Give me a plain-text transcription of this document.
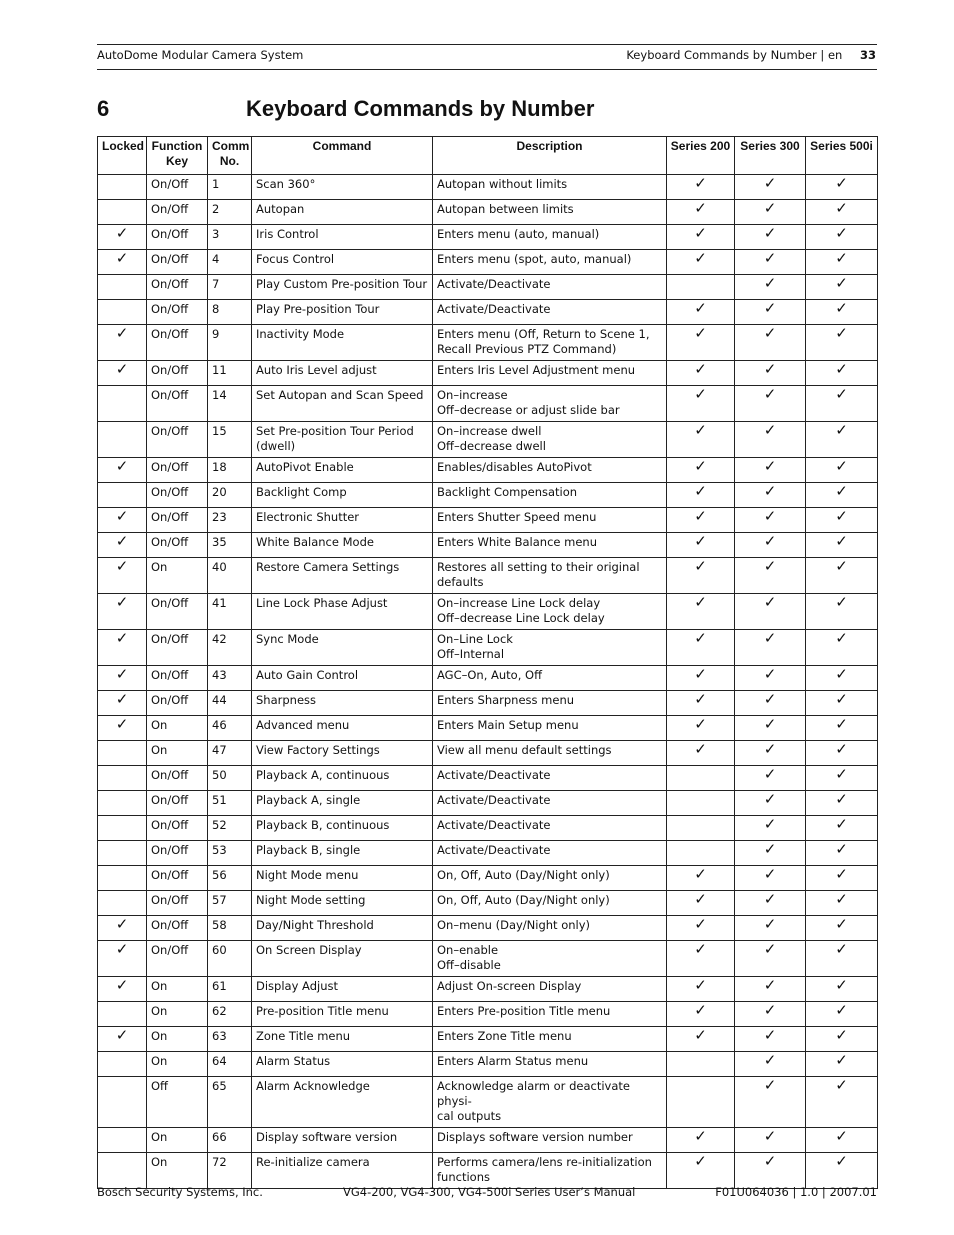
AutoDome Modular Camera System	Keyboard Commands by Number | en 33
6	Keyboard Commands by Number
Locked	Function Key	Comm No.	Command	Description	Series 200	Series 300	Series 500i
	On/Off	1	Scan 360°	Autopan without limits	✓	✓	✓
	On/Off	2	Autopan	Autopan between limits	✓	✓	✓
✓	On/Off	3	Iris Control	Enters menu (auto, manual)	✓	✓	✓
✓	On/Off	4	Focus Control	Enters menu (spot, auto, manual)	✓	✓	✓
	On/Off	7	Play Custom Pre-position Tour	Activate/Deactivate		✓	✓
	On/Off	8	Play Pre-position Tour	Activate/Deactivate	✓	✓	✓
✓	On/Off	9	Inactivity Mode	Enters menu (Off, Return to Scene 1,
Recall Previous PTZ Command)	✓	✓	✓
✓	On/Off	11	Auto Iris Level adjust	Enters Iris Level Adjustment menu	✓	✓	✓
	On/Off	14	Set Autopan and Scan Speed	On–increase
Off–decrease or adjust slide bar	✓	✓	✓
	On/Off	15	Set Pre-position Tour Period (dwell)	On–increase dwell
Off–decrease dwell	✓	✓	✓
✓	On/Off	18	AutoPivot Enable	Enables/disables AutoPivot	✓	✓	✓
	On/Off	20	Backlight Comp	Backlight Compensation	✓	✓	✓
✓	On/Off	23	Electronic Shutter	Enters Shutter Speed menu	✓	✓	✓
✓	On/Off	35	White Balance Mode	Enters White Balance menu	✓	✓	✓
✓	On	40	Restore Camera Settings	Restores all setting to their original
defaults	✓	✓	✓
✓	On/Off	41	Line Lock Phase Adjust	On–increase Line Lock delay
Off–decrease Line Lock delay	✓	✓	✓
✓	On/Off	42	Sync Mode	On–Line Lock
Off–Internal	✓	✓	✓
✓	On/Off	43	Auto Gain Control	AGC–On, Auto, Off	✓	✓	✓
✓	On/Off	44	Sharpness	Enters Sharpness menu	✓	✓	✓
✓	On	46	Advanced menu	Enters Main Setup menu	✓	✓	✓
	On	47	View Factory Settings	View all menu default settings	✓	✓	✓
	On/Off	50	Playback A, continuous	Activate/Deactivate		✓	✓
	On/Off	51	Playback A, single	Activate/Deactivate		✓	✓
	On/Off	52	Playback B, continuous	Activate/Deactivate		✓	✓
	On/Off	53	Playback B, single	Activate/Deactivate		✓	✓
	On/Off	56	Night Mode menu	On, Off, Auto (Day/Night only)	✓	✓	✓
	On/Off	57	Night Mode setting	On, Off, Auto (Day/Night only)	✓	✓	✓
✓	On/Off	58	Day/Night Threshold	On–menu (Day/Night only)	✓	✓	✓
✓	On/Off	60	On Screen Display	On–enable
Off–disable	✓	✓	✓
✓	On	61	Display Adjust	Adjust On-screen Display	✓	✓	✓
	On	62	Pre-position Title menu	Enters Pre-position Title menu	✓	✓	✓
✓	On	63	Zone Title menu	Enters Zone Title menu	✓	✓	✓
	On	64	Alarm Status	Enters Alarm Status menu		✓	✓
	Off	65	Alarm Acknowledge	Acknowledge alarm or deactivate physi-
cal outputs		✓	✓
	On	66	Display software version	Displays software version number	✓	✓	✓
	On	72	Re-initialize camera	Performs camera/lens re-initialization
functions	✓	✓	✓
Bosch Security Systems, Inc.	VG4-200, VG4-300, VG4-500i Series User’s Manual	F01U064036 | 1.0 | 2007.01
